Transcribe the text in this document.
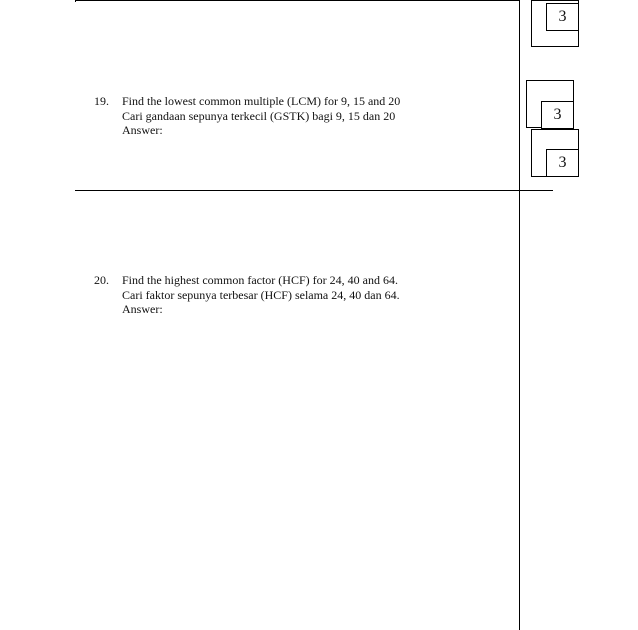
3
3
3
19.	Find the lowest common multiple (LCM) for 9, 15 and 20
Cari gandaan sepunya terkecil (GSTK) bagi 9, 15 dan 20
Answer:
20.	Find the highest common factor (HCF) for 24, 40 and 64.
Cari faktor sepunya terbesar (HCF) selama 24, 40 dan 64.
Answer:
